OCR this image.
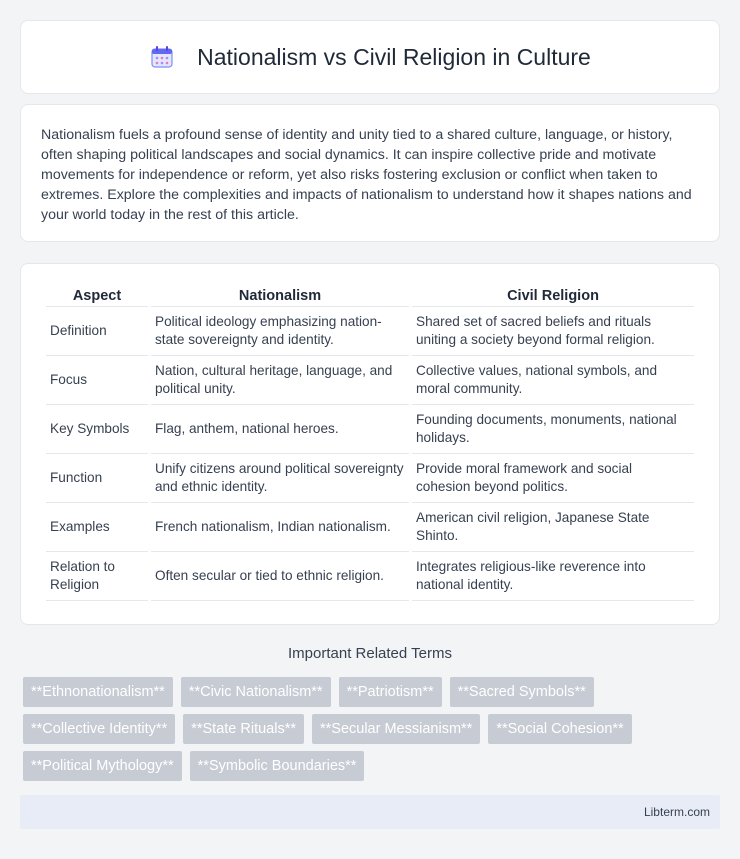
Nationalism vs Civil Religion in Culture

Nationalism fuels a profound sense of identity and unity tied to a shared culture, language, or history, often shaping political landscapes and social dynamics. It can inspire collective pride and motivate movements for independence or reform, yet also risks fostering exclusion or conflict when taken to extremes. Explore the complexities and impacts of nationalism to understand how it shapes nations and your world today in the rest of this article.

Aspect	Nationalism	Civil Religion
Definition	Political ideology emphasizing nation-state sovereignty and identity.	Shared set of sacred beliefs and rituals uniting a society beyond formal religion.
Focus	Nation, cultural heritage, language, and political unity.	Collective values, national symbols, and moral community.
Key Symbols	Flag, anthem, national heroes.	Founding documents, monuments, national holidays.
Function	Unify citizens around political sovereignty and ethnic identity.	Provide moral framework and social cohesion beyond politics.
Examples	French nationalism, Indian nationalism.	American civil religion, Japanese State Shinto.
Relation to Religion	Often secular or tied to ethnic religion.	Integrates religious-like reverence into national identity.
Important Related Terms
**Ethnonationalism**	**Civic Nationalism**	**Patriotism**	**Sacred Symbols**
**Collective Identity**	**State Rituals**	**Secular Messianism**	**Social Cohesion**
**Political Mythology**	**Symbolic Boundaries**
Libterm.com
